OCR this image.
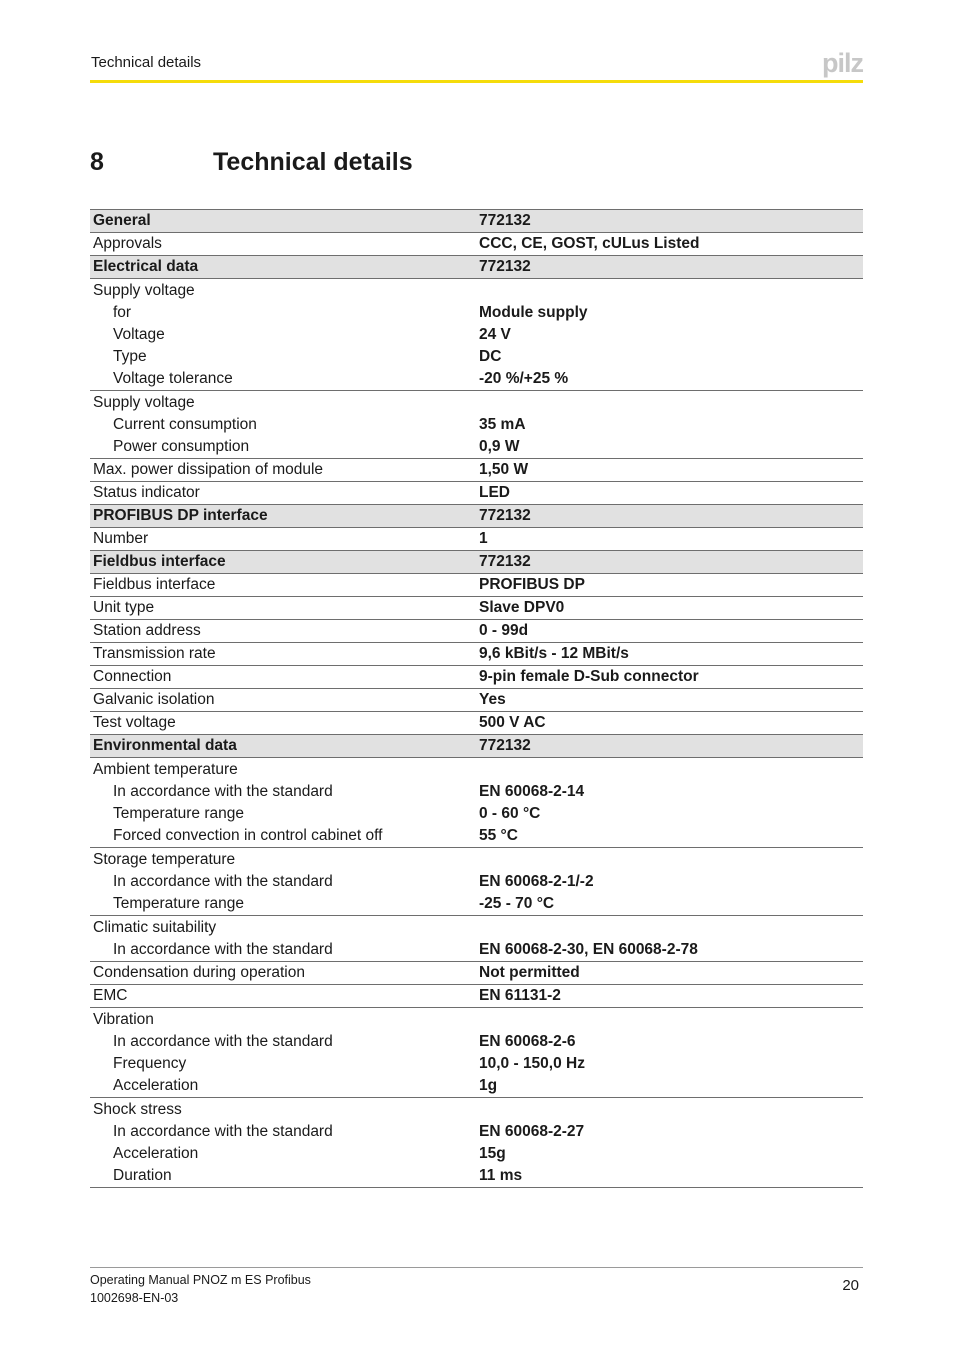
Technical details	pilz
8	Technical details
General	772132
Approvals	CCC, CE, GOST, cULus Listed
Electrical data	772132
Supply voltage	
for	Module supply
Voltage	24 V
Type	DC
Voltage tolerance	-20 %/+25 %
Supply voltage	
Current consumption	35 mA
Power consumption	0,9 W
Max. power dissipation of module	1,50 W
Status indicator	LED
PROFIBUS DP interface	772132
Number	1
Fieldbus interface	772132
Fieldbus interface	PROFIBUS DP
Unit type	Slave DPV0
Station address	0 - 99d
Transmission rate	9,6 kBit/s - 12 MBit/s
Connection	9-pin female D-Sub connector
Galvanic isolation	Yes
Test voltage	500 V AC
Environmental data	772132
Ambient temperature	
In accordance with the standard	EN 60068-2-14
Temperature range	0 - 60 °C
Forced convection in control cabinet off	55 °C
Storage temperature	
In accordance with the standard	EN 60068-2-1/-2
Temperature range	-25 - 70 °C
Climatic suitability	
In accordance with the standard	EN 60068-2-30, EN 60068-2-78
Condensation during operation	Not permitted
EMC	EN 61131-2
Vibration	
In accordance with the standard	EN 60068-2-6
Frequency	10,0 - 150,0 Hz
Acceleration	1g
Shock stress	
In accordance with the standard	EN 60068-2-27
Acceleration	15g
Duration	11 ms
Operating Manual PNOZ m ES Profibus
1002698-EN-03
20
